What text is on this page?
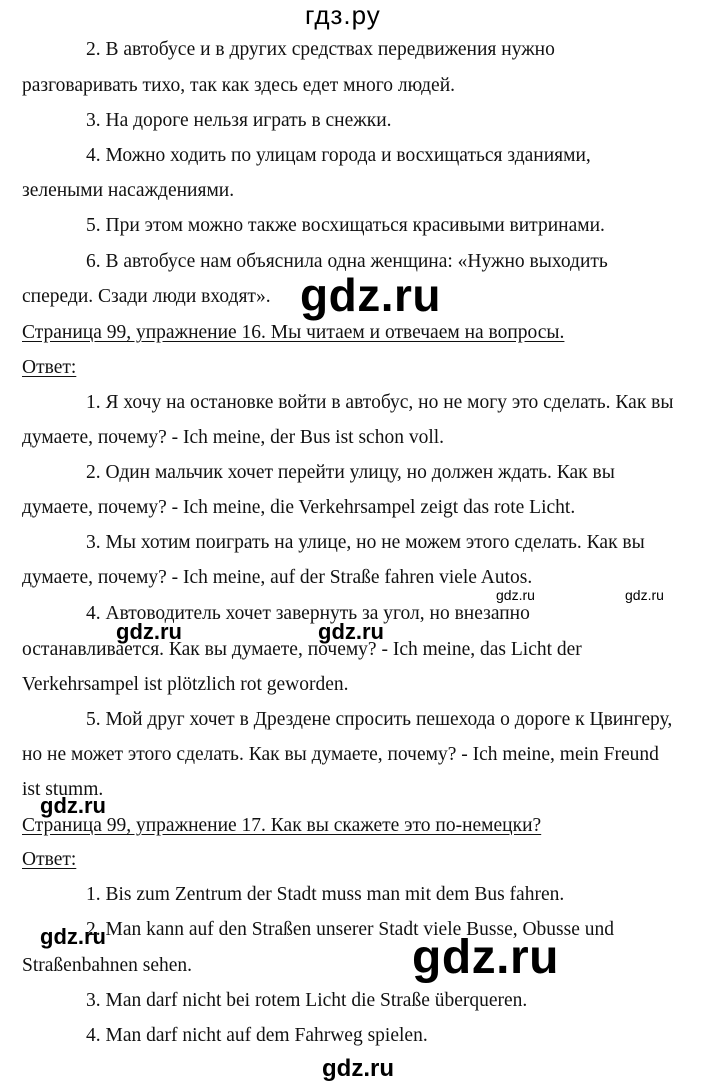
гдз.ру
2. В автобусе и в других средствах передвижения нужно
разговаривать тихо, так как здесь едет много людей.
3. На дороге нельзя играть в снежки.
4. Можно ходить по улицам города и восхищаться зданиями,
зелеными насаждениями.
5. При этом можно также восхищаться красивыми витринами.
6. В автобусе нам объяснила одна женщина: «Нужно выходить
спереди. Сзади люди входят». gdz.ru
Страница 99, упражнение 16. Мы читаем и отвечаем на вопросы.
Ответ:
1. Я хочу на остановке войти в автобус, но не могу это сделать. Как вы
думаете, почему? - Ich meine, der Bus ist schon voll.
2. Один мальчик хочет перейти улицу, но должен ждать. Как вы
думаете, почему? - Ich meine, die Verkehrsampel zeigt das rote Licht.
3. Мы хотим поиграть на улице, но не можем этого сделать. Как вы
думаете, почему? - Ich meine, auf der Straße fahren viele Autos.
gdz.ru	gdz.ru
4. Автоводитель хочет завернуть за угол, но внезапно
gdz.ru	gdz.ru
останавливается. Как вы думаете, почему? - Ich meine, das Licht der
Verkehrsampel ist plötzlich rot geworden.
5. Мой друг хочет в Дрездене спросить пешехода о дороге к Цвингеру,
но не может этого сделать. Как вы думаете, почему? - Ich meine, mein Freund
ist stumm.
gdz.ru
Страница 99, упражнение 17. Как вы скажете это по-немецки?
Ответ:
1. Bis zum Zentrum der Stadt muss man mit dem Bus fahren.
gdz.ru
2. Man kann auf den Straßen unserer Stadt viele Busse, Obusse und
Straßenbahnen sehen.	gdz.ru
3. Man darf nicht bei rotem Licht die Straße überqueren.
4. Man darf nicht auf dem Fahrweg spielen.
gdz.ru
